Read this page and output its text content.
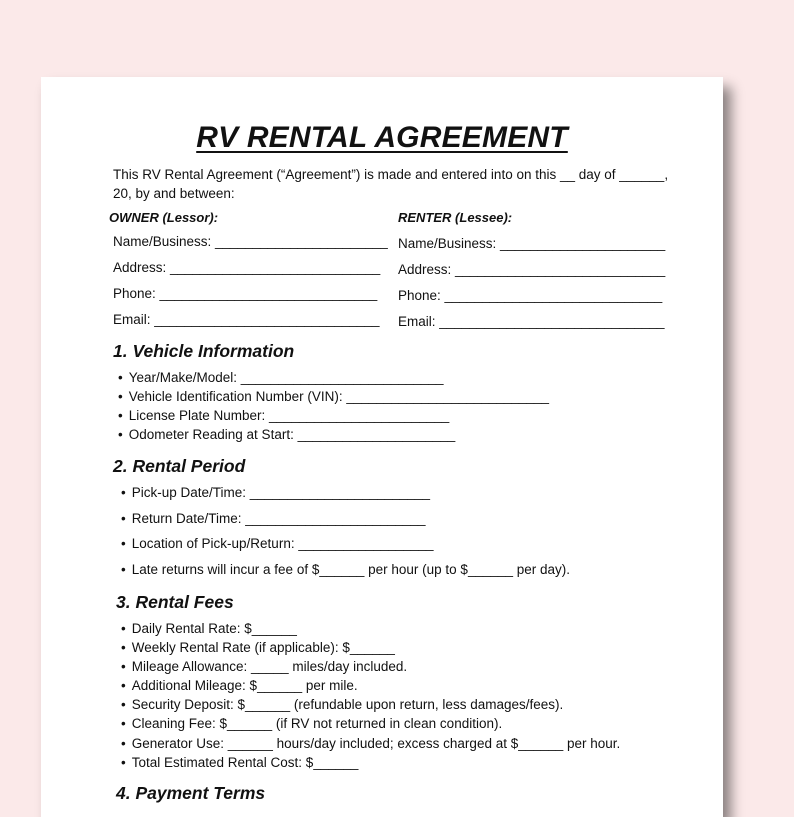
RV RENTAL AGREEMENT
This RV Rental Agreement (“Agreement”) is made and entered into on this __ day of ______, 20, by and between:
OWNER (Lessor):
Name/Business: _______________________
Address: ____________________________
Phone: _____________________________
Email: ______________________________
RENTER (Lessee):
Name/Business: ______________________
Address: ____________________________
Phone: _____________________________
Email: ______________________________
1. Vehicle Information
• Year/Make/Model: ___________________________
• Vehicle Identification Number (VIN): ___________________________
• License Plate Number: ________________________
• Odometer Reading at Start: _____________________
2. Rental Period
• Pick-up Date/Time: ________________________
• Return Date/Time: ________________________
• Location of Pick-up/Return: __________________
• Late returns will incur a fee of $______ per hour (up to $______ per day).
3. Rental Fees
• Daily Rental Rate: $______
• Weekly Rental Rate (if applicable): $______
• Mileage Allowance: _____ miles/day included.
• Additional Mileage: $______ per mile.
• Security Deposit: $______ (refundable upon return, less damages/fees).
• Cleaning Fee: $______ (if RV not returned in clean condition).
• Generator Use: ______ hours/day included; excess charged at $______ per hour.
• Total Estimated Rental Cost: $______
4. Payment Terms
